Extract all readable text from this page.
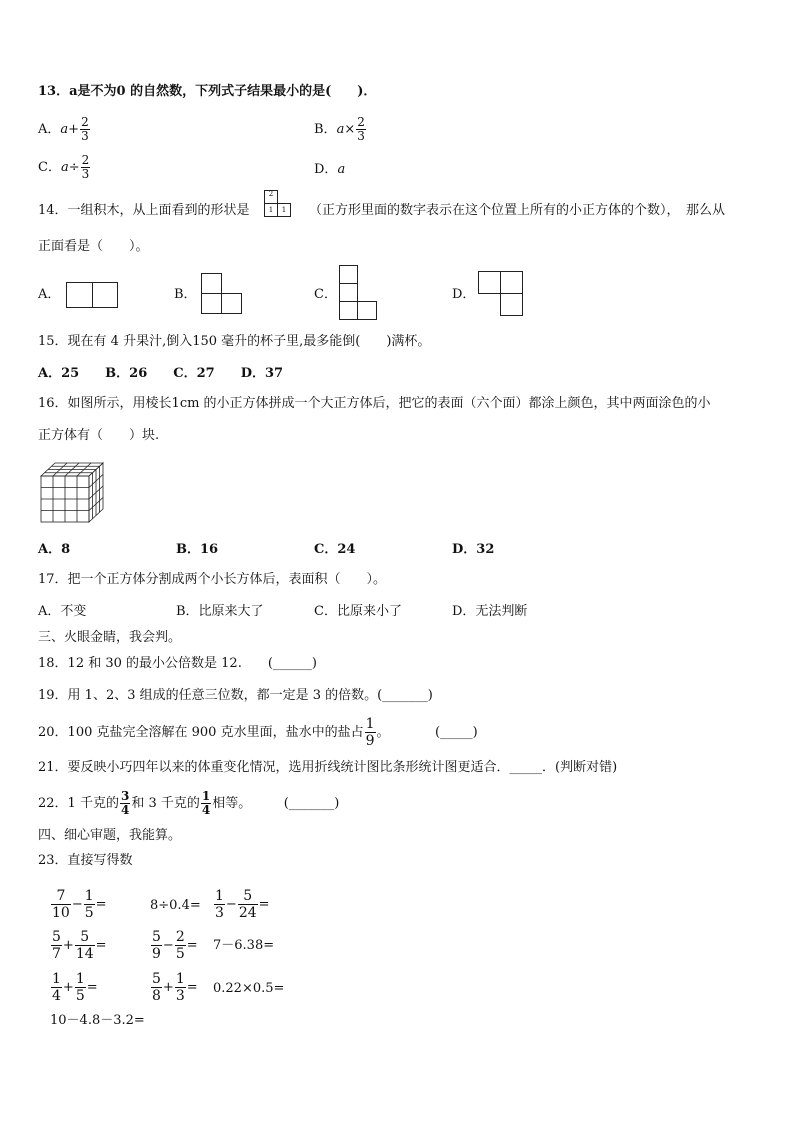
13．a是不为0 的自然数，下列式子结果最小的是(　　)．
A．$a+ \frac{2}{3}$	B．$a\times \frac{2}{3}$
C．$a\div \frac{2}{3}$	D．a
14．一组积木，从上面看到的形状是
2
1	1	（正方形里面的数字表示在这个位置上所有的小正方体的个数），　那么从
正面看是（　　）。
A．	B．	C．	D．
15．现在有 4 升果汁,倒入150 毫升的杯子里,最多能倒(　　)满杯。
A．25　　B．26　　C．27　　D．37
16．如图所示，用棱长1cm 的小正方体拼成一个大正方体后，把它的表面（六个面）都涂上颜色，其中两面涂色的小
正方体有（　　）块.
A．8	B．16	C．24	D．32
17．把一个正方体分割成两个小长方体后，表面积（　　）。
A．不变	B．比原来大了	C．比原来小了	D．无法判断
三、火眼金睛，我会判。
18．12 和 30 的最小公倍数是 12.　　(______)
19．用 1、2、3 组成的任意三位数，都一定是 3 的倍数。(_______)
20．100 克盐完全溶解在 900 克水里面，盐水中的盐占 $\frac{1}{9}$ 。　　　　(_____)
21．要反映小巧四年以来的体重变化情况，选用折线统计图比条形统计图更适合．_____．(判断对错)
22．1 千克的 $\frac{3}{4}$ 和 3 千克的 $\frac{1}{4}$ 相等。　　　(_______)
四、细心审题，我能算。
23．直接写得数
$\frac{7}{10} - \frac{1}{5}$ =	$8\div 0.4= \frac{1}{3} - \frac{5}{24}$ =
$\frac{5}{7} + \frac{5}{14}$ =	$\frac{5}{9} - \frac{2}{5} = 7-6.38=$
$\frac{1}{4} + \frac{1}{5}$ =	$\frac{5}{8} + \frac{1}{3} = 0.22\times 0.5=$
10－4.8－3.2=
